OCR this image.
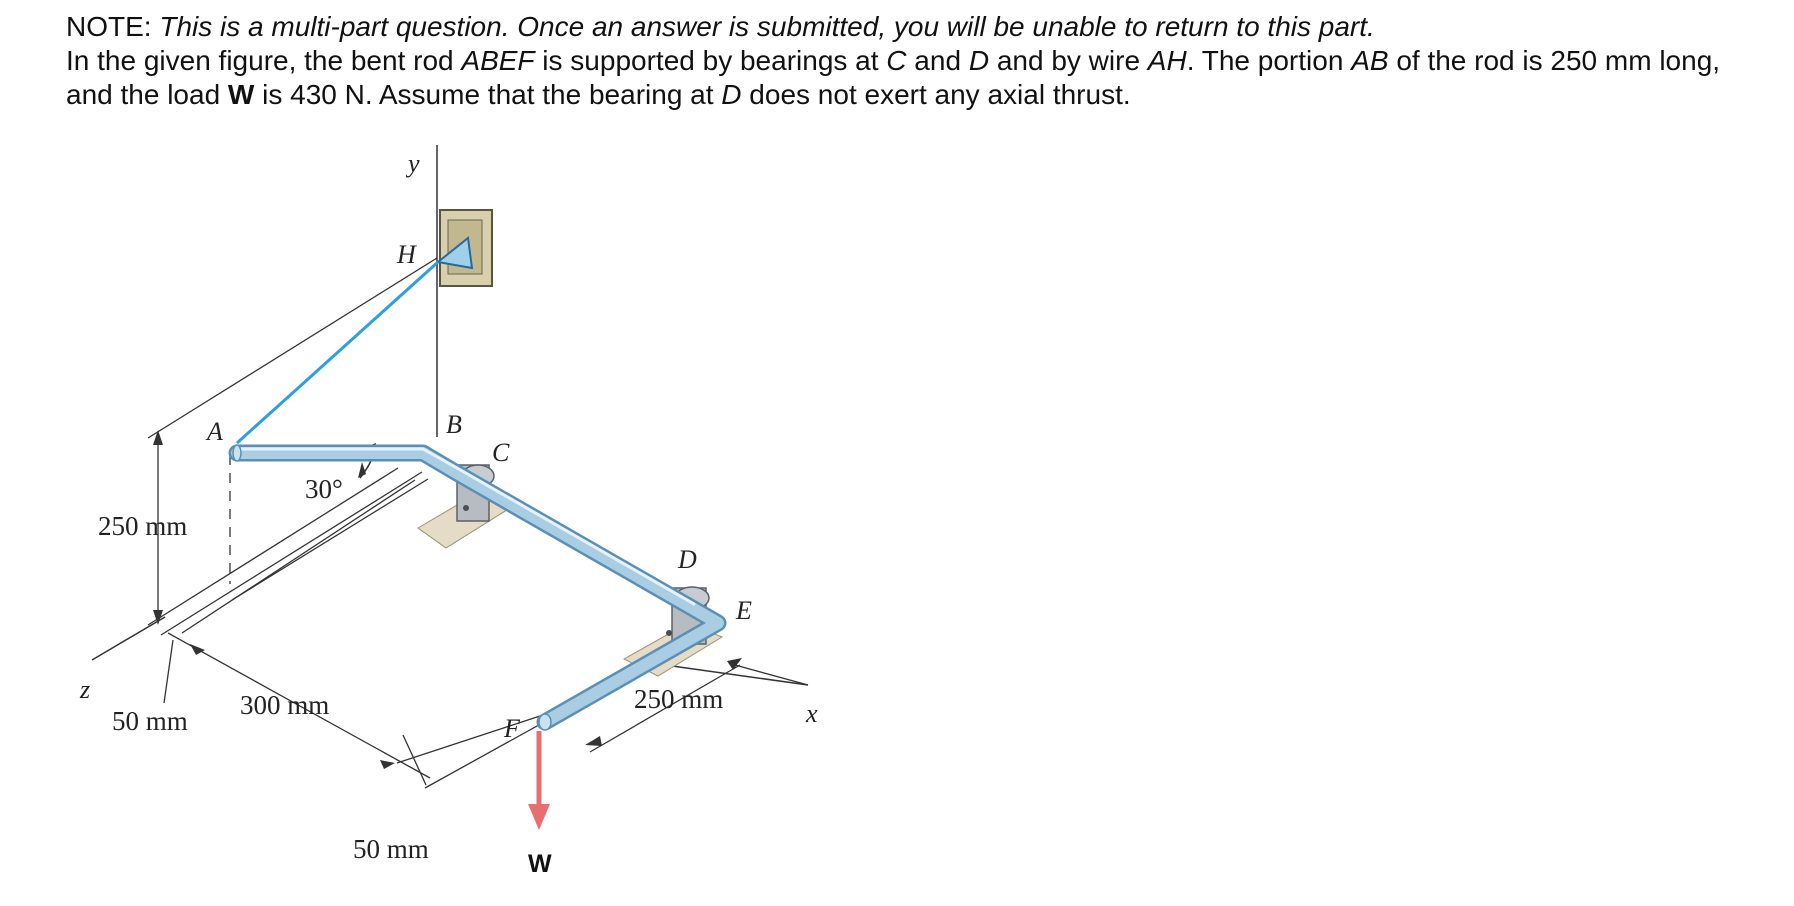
NOTE: This is a multi-part question. Once an answer is submitted, you will be unable to return to this part.

In the given figure, the bent rod ABEF is supported by bearings at C and D and by wire AH. The portion AB of the rod is 250 mm long, and the load W is 430 N. Assume that the bearing at D does not exert any axial thrust.

y
H
A	B
C
D
E
F
x
z
W
30°
250 mm
50 mm
300 mm
50 mm
250 mm
